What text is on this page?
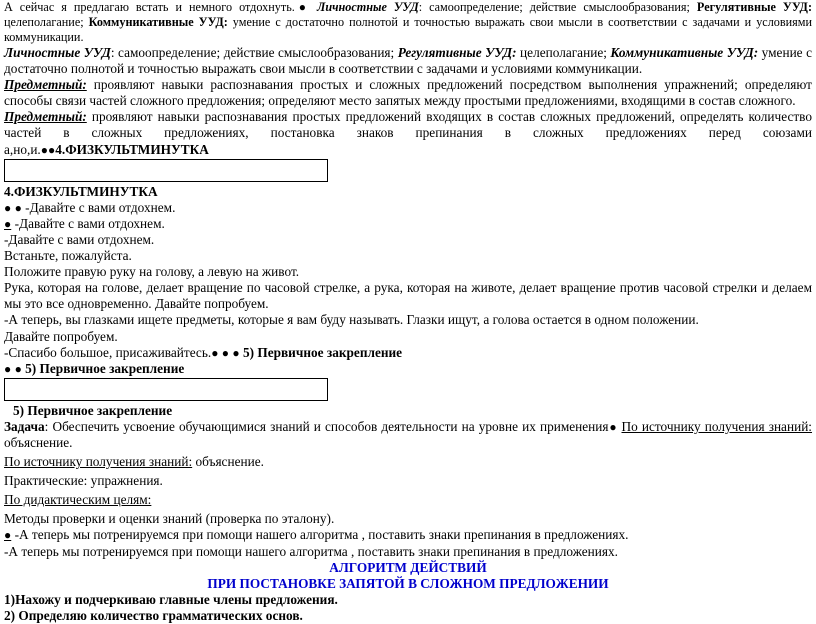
А сейчас я предлагаю встать и немного отдохнуть.● Личностные УУД: самоопределение; действие смыслообразования; Регулятивные УУД: целеполагание; Коммуникативные УУД: умение с достаточно полнотой и точностью выражать свои мысли в соответствии с задачами и условиями коммуникации.

Личностные УУД: самоопределение; действие смыслообразования; Регулятивные УУД: целеполагание; Коммуникативные УУД: умение с достаточно полнотой и точностью выражать свои мысли в соответствии с задачами и условиями коммуникации.

Предметный: проявляют навыки распознавания простых и сложных предложений посредством выполнения упражнений; определяют способы связи частей сложного предложения; определяют место запятых между простыми предложениями, входящими в состав сложного.

Предметный: проявляют навыки распознавания простых предложений входящих в состав сложных предложений, определять количество частей в сложных предложениях, постановка знаков препинания в сложных предложениях перед союзами а,но,и.●●4.ФИЗКУЛЬТМИНУТКА

4.ФИЗКУЛЬТМИНУТКА

● ● -Давайте с вами отдохнем.

● -Давайте с вами отдохнем.

-Давайте с вами отдохнем.

Встаньте, пожалуйста.

Положите правую руку на голову, а левую на живот.

Рука, которая на голове, делает вращение по часовой стрелке, а рука, которая на животе, делает вращение против часовой стрелки и делаем мы это все одновременно. Давайте попробуем.

-А теперь, вы глазками ищете предметы, которые я вам буду называть. Глазки ищут, а голова остается в одном положении.

Давайте попробуем.

-Спасибо большое, присаживайтесь.● ● ● 5) Первичное закрепление

● ● 5) Первичное закрепление

5) Первичное закрепление

Задача: Обеспечить усвоение обучающимися знаний и способов деятельности на уровне их применения● По источнику получения знаний: объяснение.

По источнику получения знаний: объяснение.

Практические: упражнения.

По дидактическим целям:

Методы проверки и оценки знаний (проверка по эталону).

● -А теперь мы потренируемся при помощи нашего алгоритма , поставить знаки препинания в предложениях.

-А теперь мы потренируемся при помощи нашего алгоритма , поставить знаки препинания в предложениях.

АЛГОРИТМ ДЕЙСТВИЙ

ПРИ ПОСТАНОВКЕ ЗАПЯТОЙ В СЛОЖНОМ ПРЕДЛОЖЕНИИ

1)Нахожу и подчеркиваю главные члены предложения.

2) Определяю количество грамматических основ.
